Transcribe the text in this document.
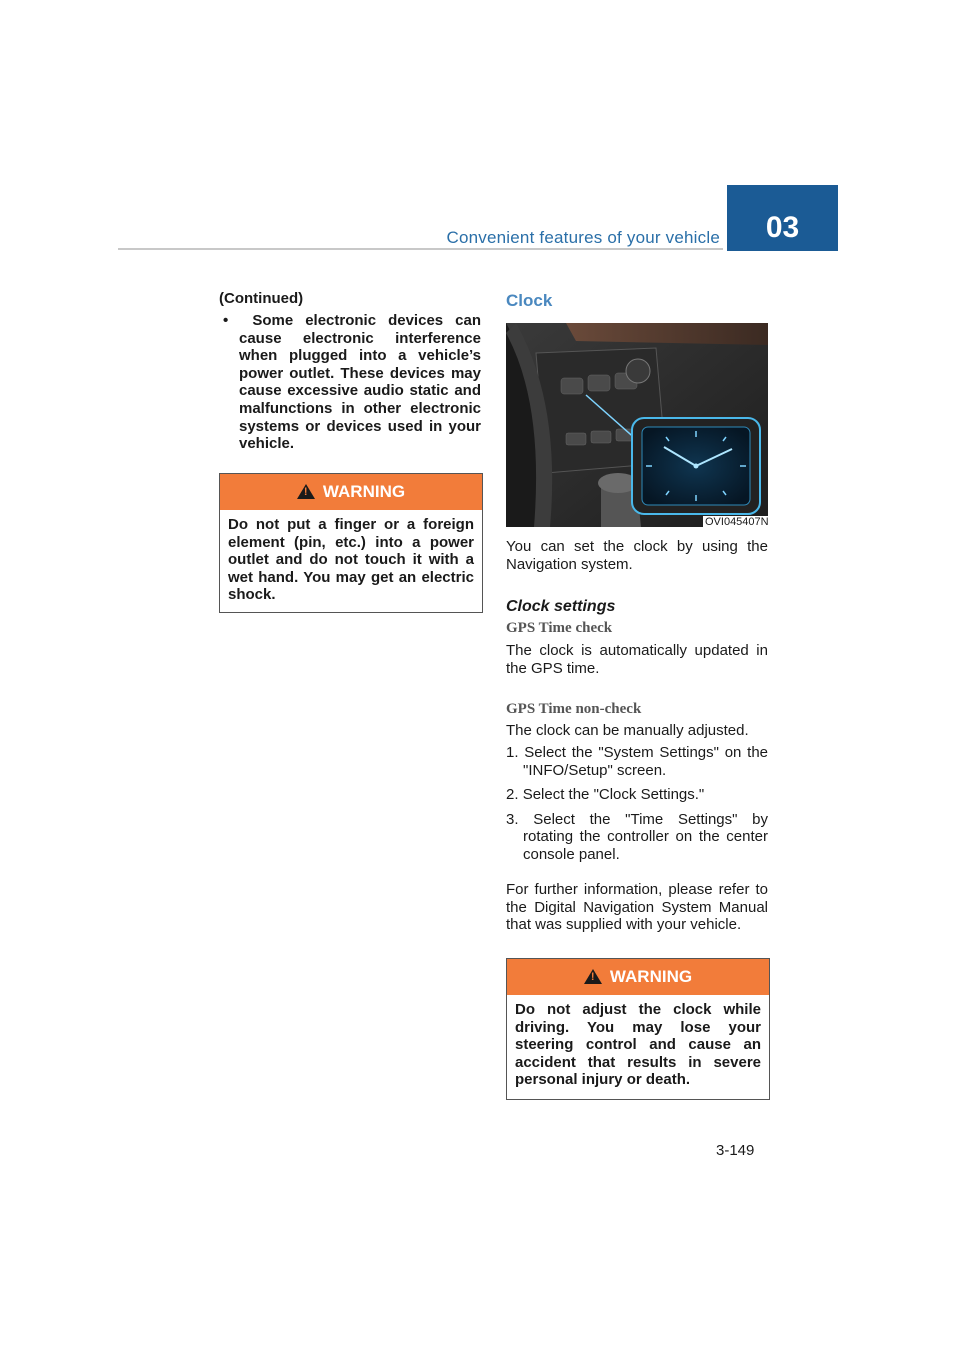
Convenient features of your vehicle	03
(Continued)
• Some electronic devices can cause electronic interference when plugged into a vehicle’s power outlet. These devices may cause excessive audio static and malfunctions in other electronic systems or devices used in your vehicle.
!
WARNING
Do not put a finger or a foreign element (pin, etc.) into a power outlet and do not touch it with a wet hand. You may get an electric shock.
Clock
OVI045407N
You can set the clock by using the Navigation system.
Clock settings
GPS Time check
The clock is automatically updated in the GPS time.
GPS Time non-check
The clock can be manually adjusted.
1. Select the "System Settings" on the "INFO/Setup" screen.
2. Select the "Clock Settings."
3. Select the "Time Settings" by rotating the controller on the center console panel.
For further information, please refer to the Digital Navigation System Manual that was supplied with your vehicle.
!
WARNING
Do not adjust the clock while driving. You may lose your steering control and cause an accident that results in severe personal injury or death.
3-149
